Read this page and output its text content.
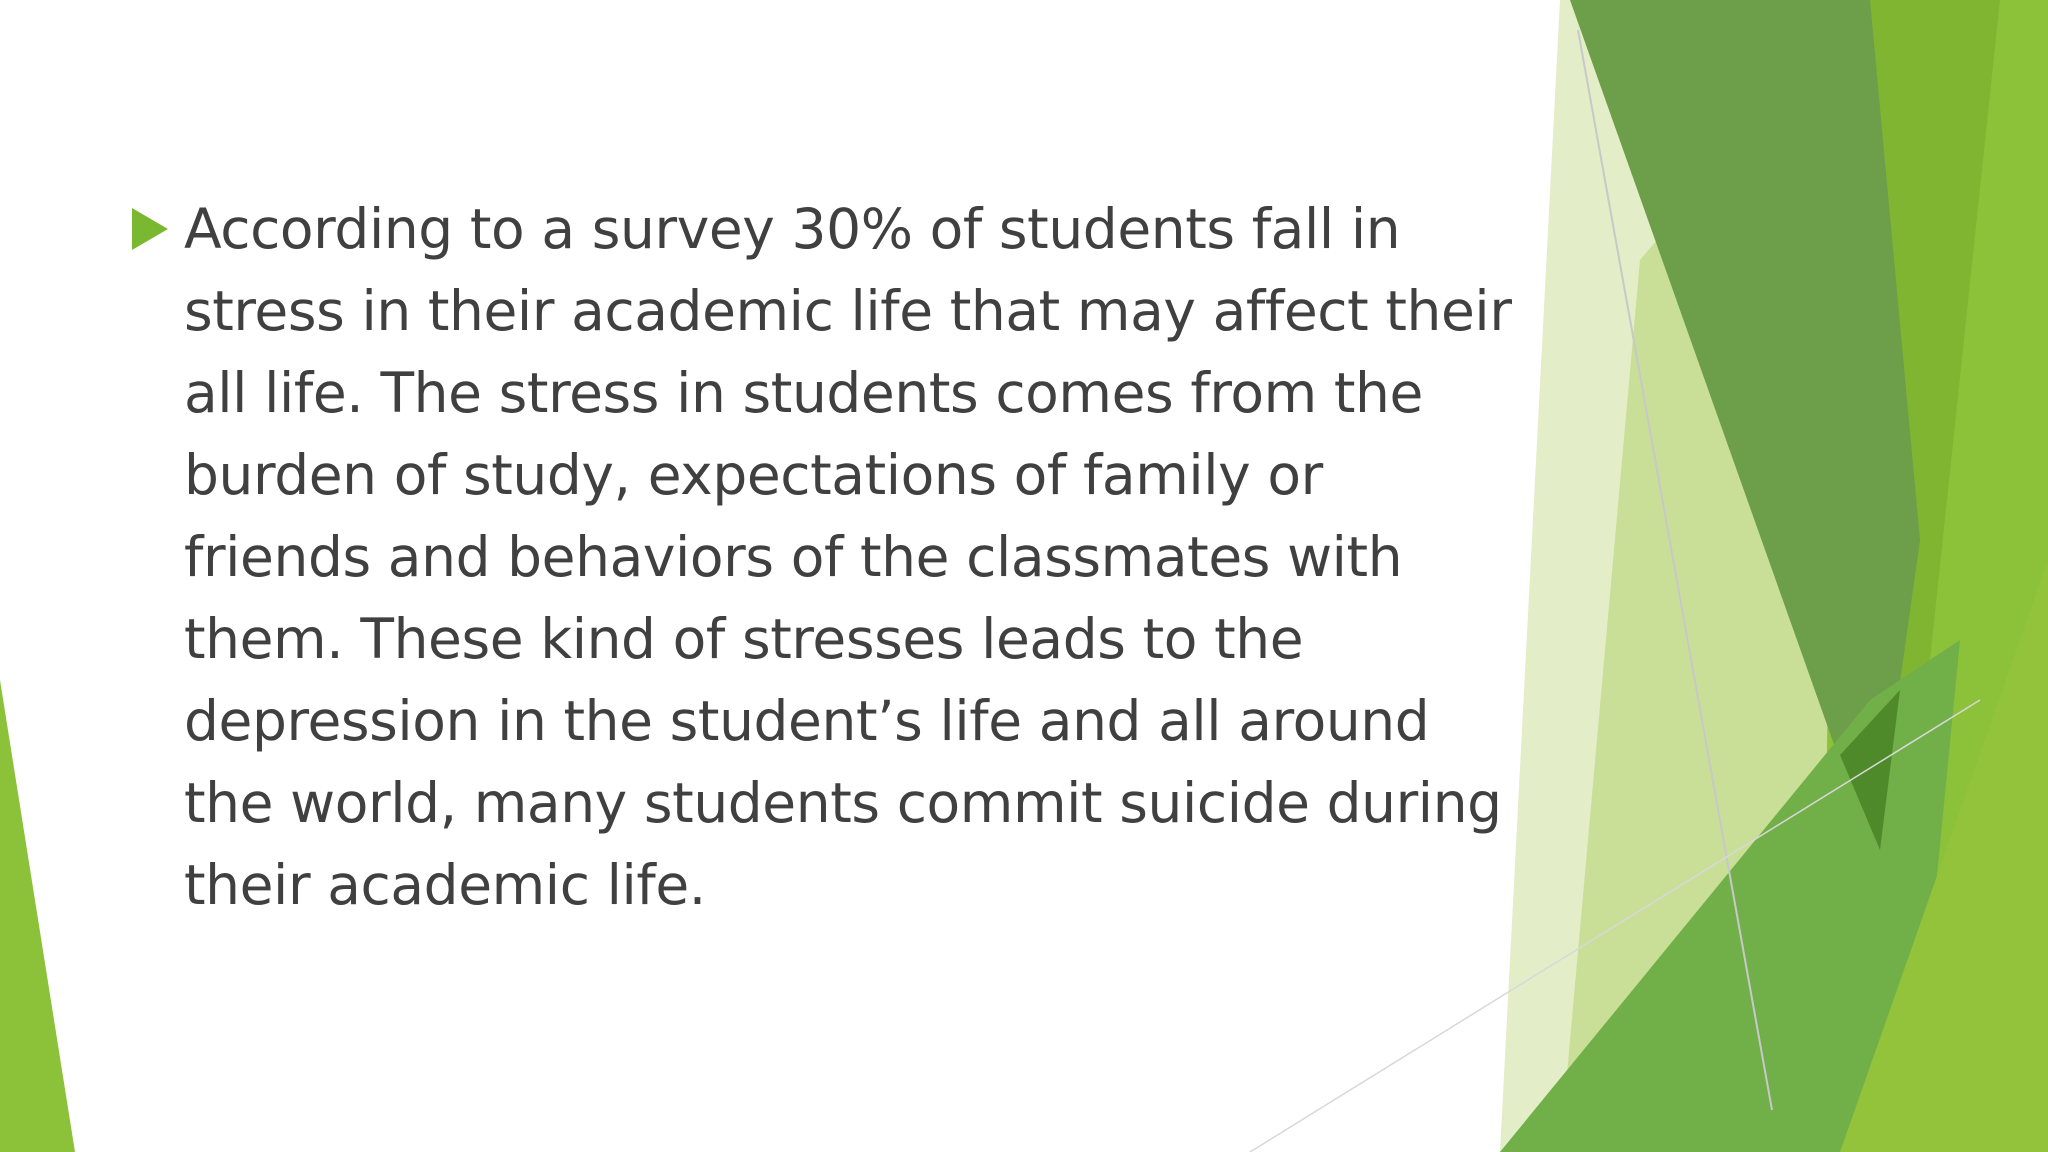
According to a survey 30% of students fall in
stress in their academic life that may affect their
all life. The stress in students comes from the
burden of study, expectations of family or
friends and behaviors of the classmates with
them. These kind of stresses leads to the
depression in the student’s life and all around
the world, many students commit suicide during
their academic life.
